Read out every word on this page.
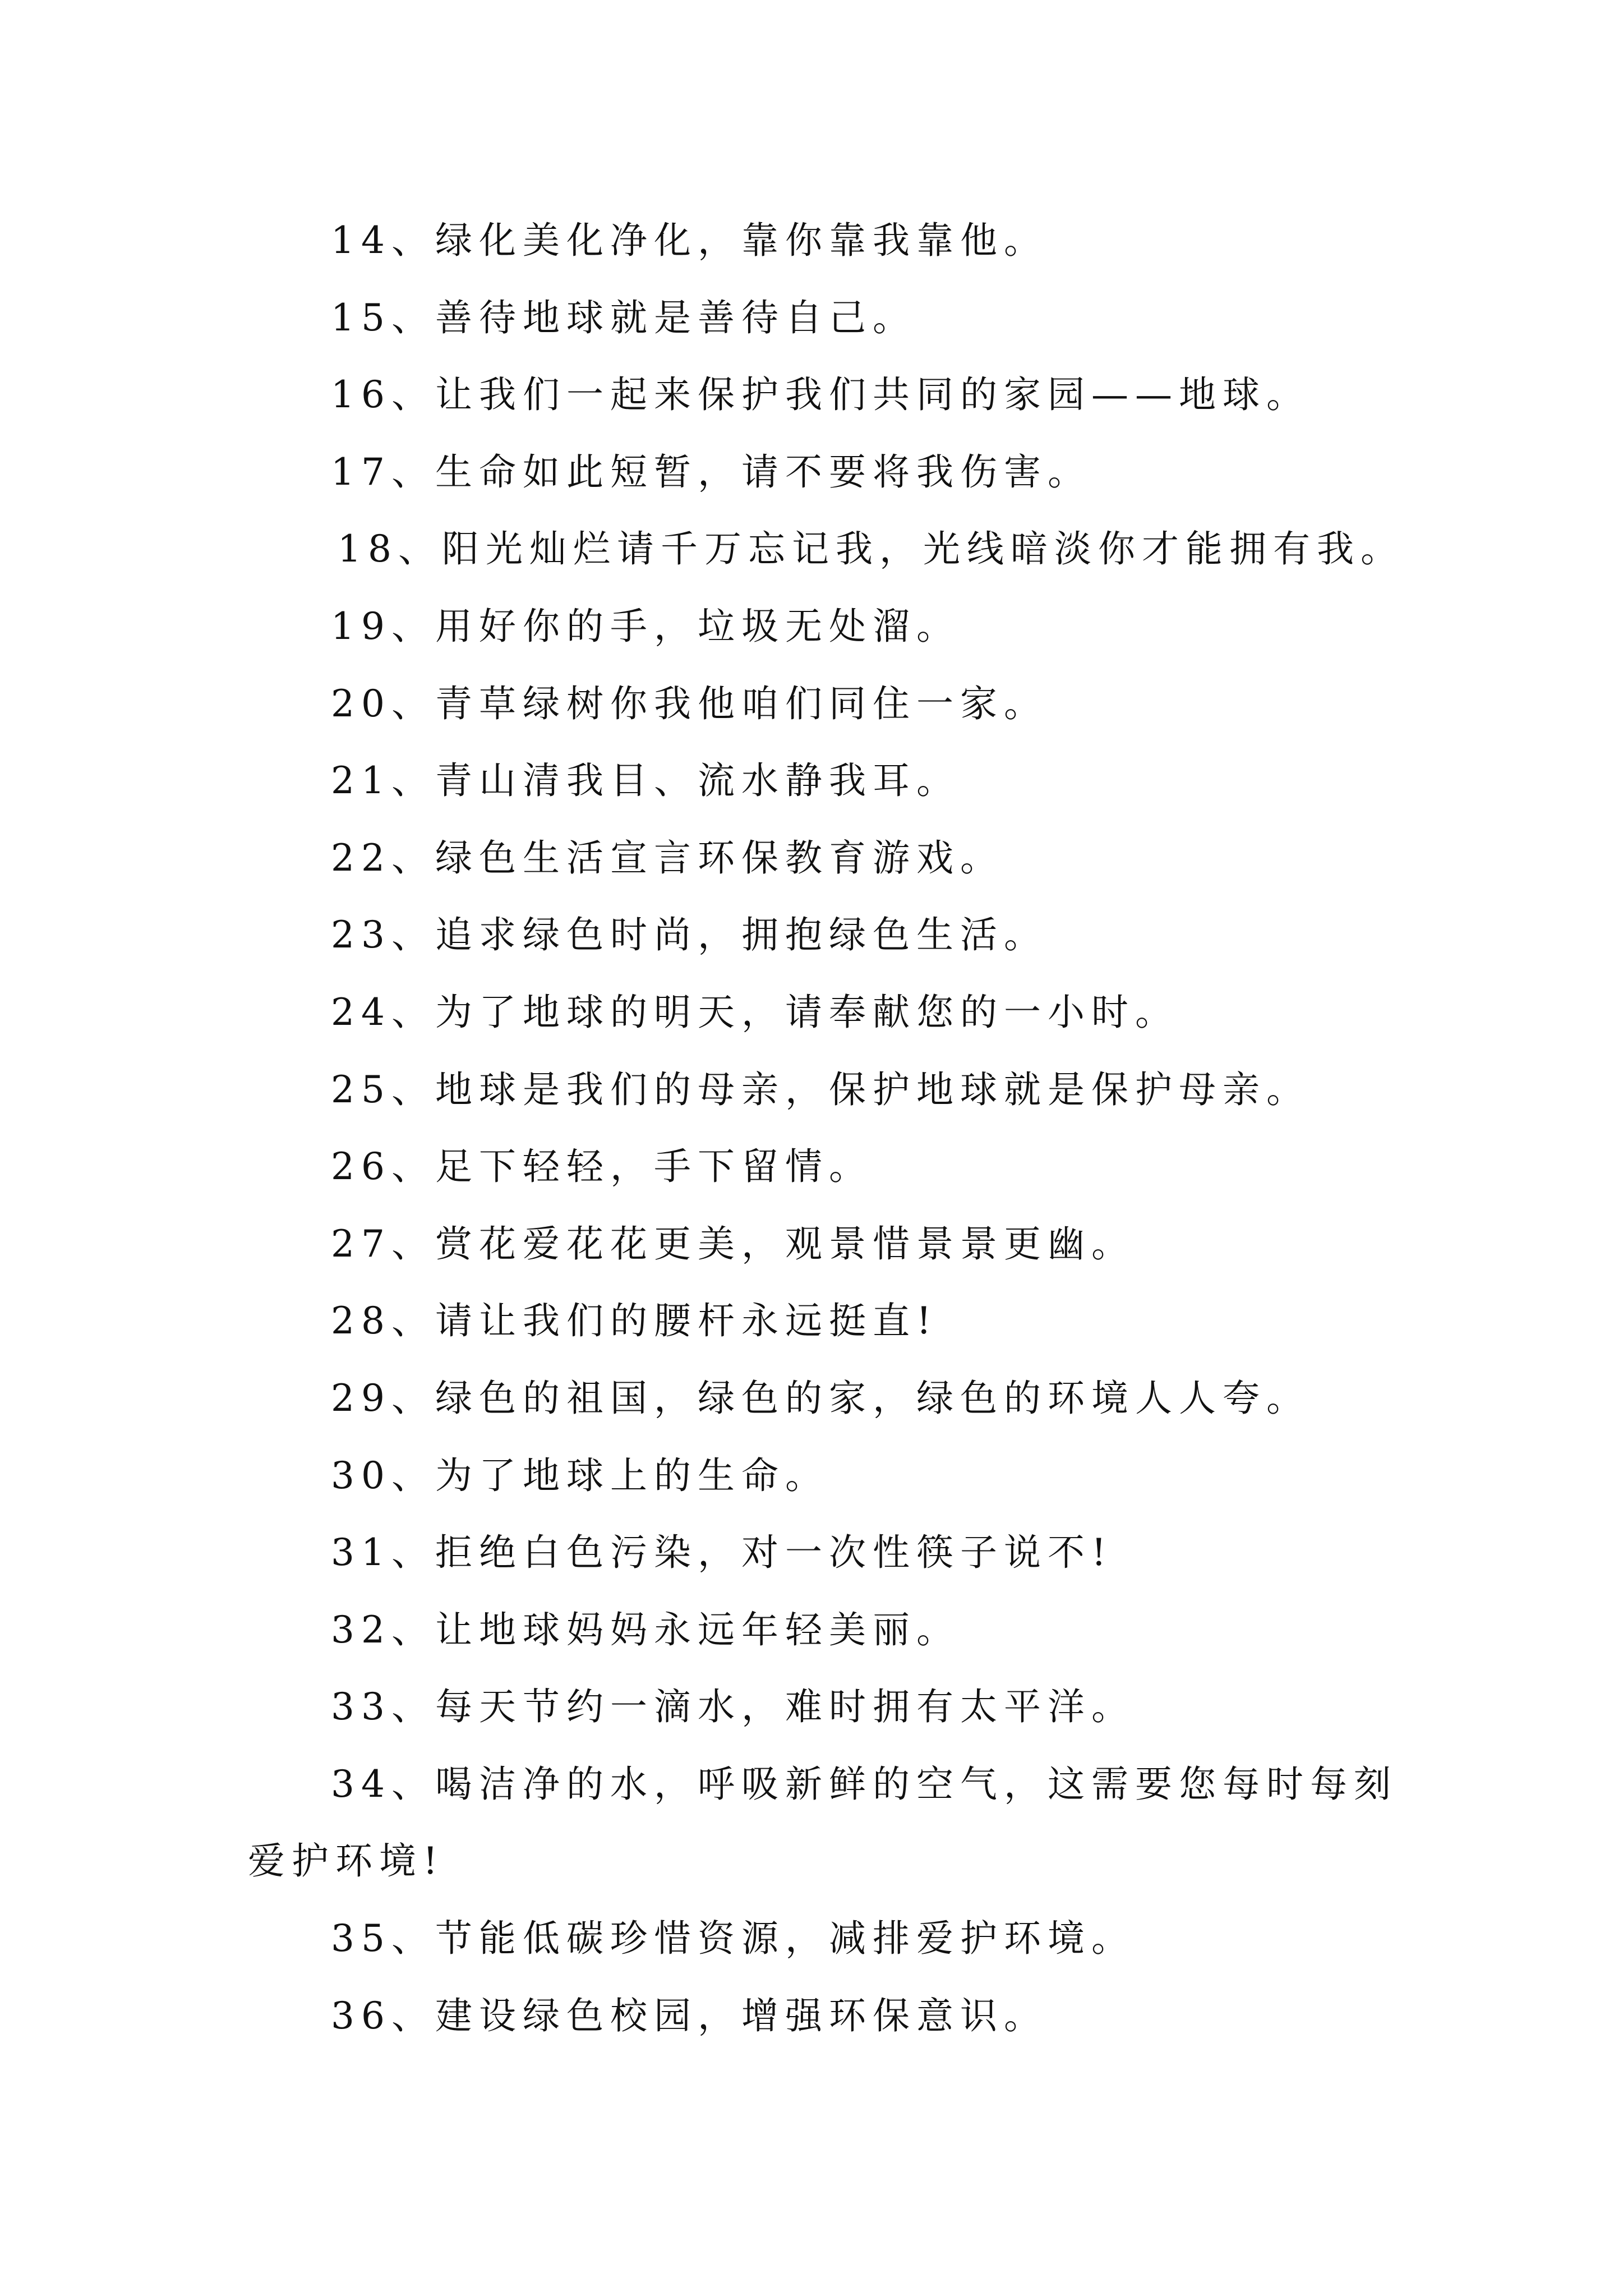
14、绿化美化净化，靠你靠我靠他。
15、善待地球就是善待自己。
16、让我们一起来保护我们共同的家园——地球。
17、生命如此短暂，请不要将我伤害。
18、阳光灿烂请千万忘记我，光线暗淡你才能拥有我。
19、用好你的手，垃圾无处溜。
20、青草绿树你我他咱们同住一家。
21、青山清我目、流水静我耳。
22、绿色生活宣言环保教育游戏。
23、追求绿色时尚，拥抱绿色生活。
24、为了地球的明天，请奉献您的一小时。
25、地球是我们的母亲，保护地球就是保护母亲。
26、足下轻轻，手下留情。
27、赏花爱花花更美，观景惜景景更幽。
28、请让我们的腰杆永远挺直!
29、绿色的祖国，绿色的家，绿色的环境人人夸。
30、为了地球上的生命。
31、拒绝白色污染，对一次性筷子说不!
32、让地球妈妈永远年轻美丽。
33、每天节约一滴水，难时拥有太平洋。
34、喝洁净的水，呼吸新鲜的空气，这需要您每时每刻
爱护环境!
35、节能低碳珍惜资源，减排爱护环境。
36、建设绿色校园，增强环保意识。
